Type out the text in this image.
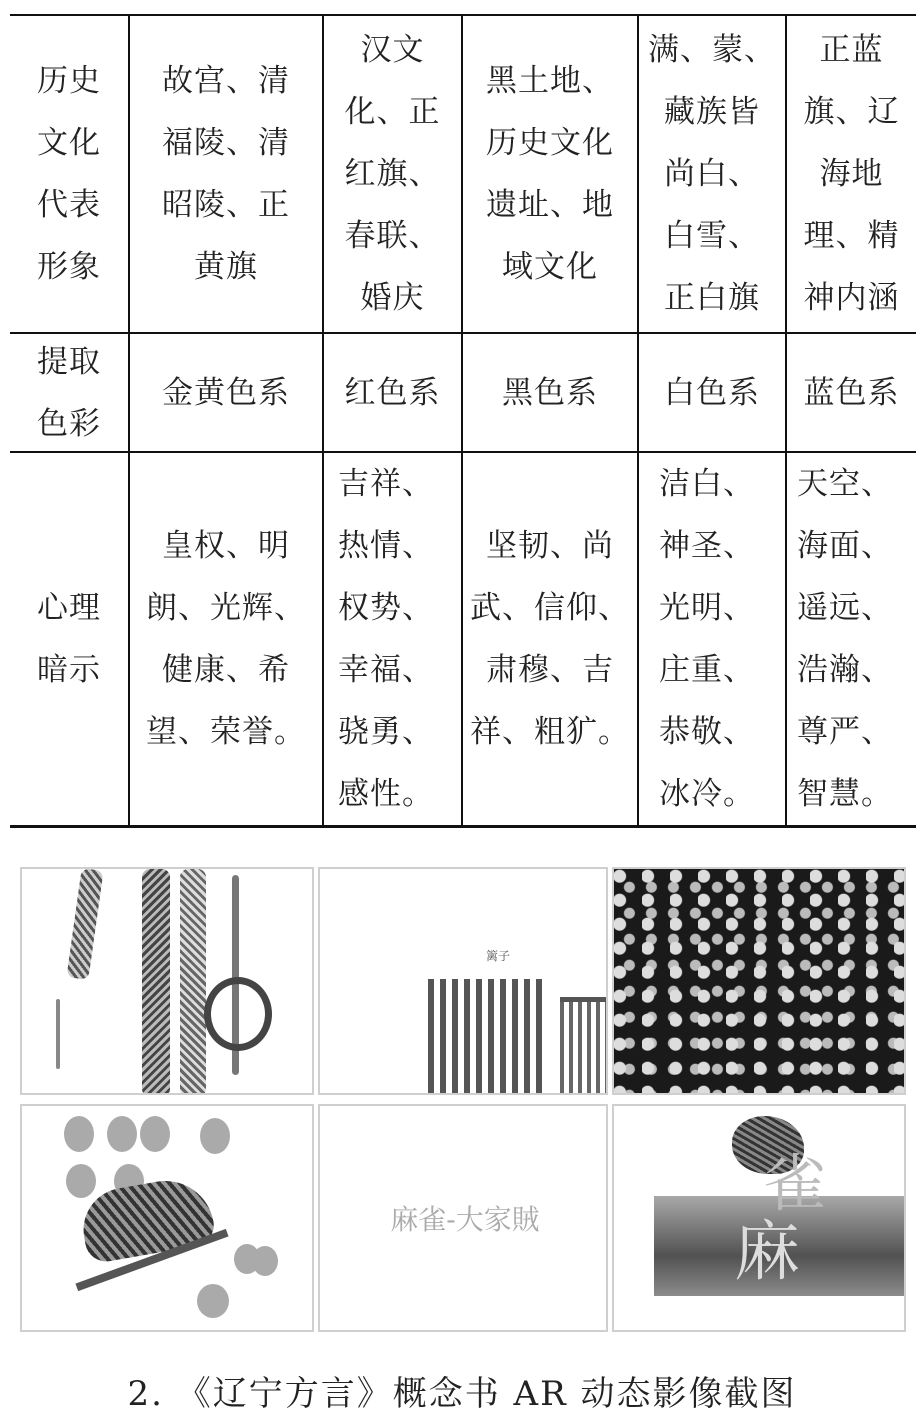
历史
文化
代表
形象
故宫、清
福陵、清
昭陵、正
黄旗
汉文
化、正
红旗、
春联、
婚庆
黑土地、
历史文化
遗址、地
域文化
满、蒙、
藏族皆
尚白、
白雪、
正白旗
正蓝
旗、辽
海地
理、精
神内涵
提取
色彩
金黄色系 红色系 黑色系 白色系 蓝色系
心理
暗示
皇权、明
朗、光辉、
健康、希
望、荣誉。
吉祥、
热情、
权势、
幸福、
骁勇、
感性。
坚韧、尚
武、信仰、
肃穆、吉
祥、粗犷。
洁白、
神圣、
光明、
庄重、
恭敬、
冰冷。
天空、
海面、
遥远、
浩瀚、
尊严、
智慧。
篱子
麻雀-大家賊	雀
麻
2. 《辽宁方言》概念书 AR 动态影像截图
